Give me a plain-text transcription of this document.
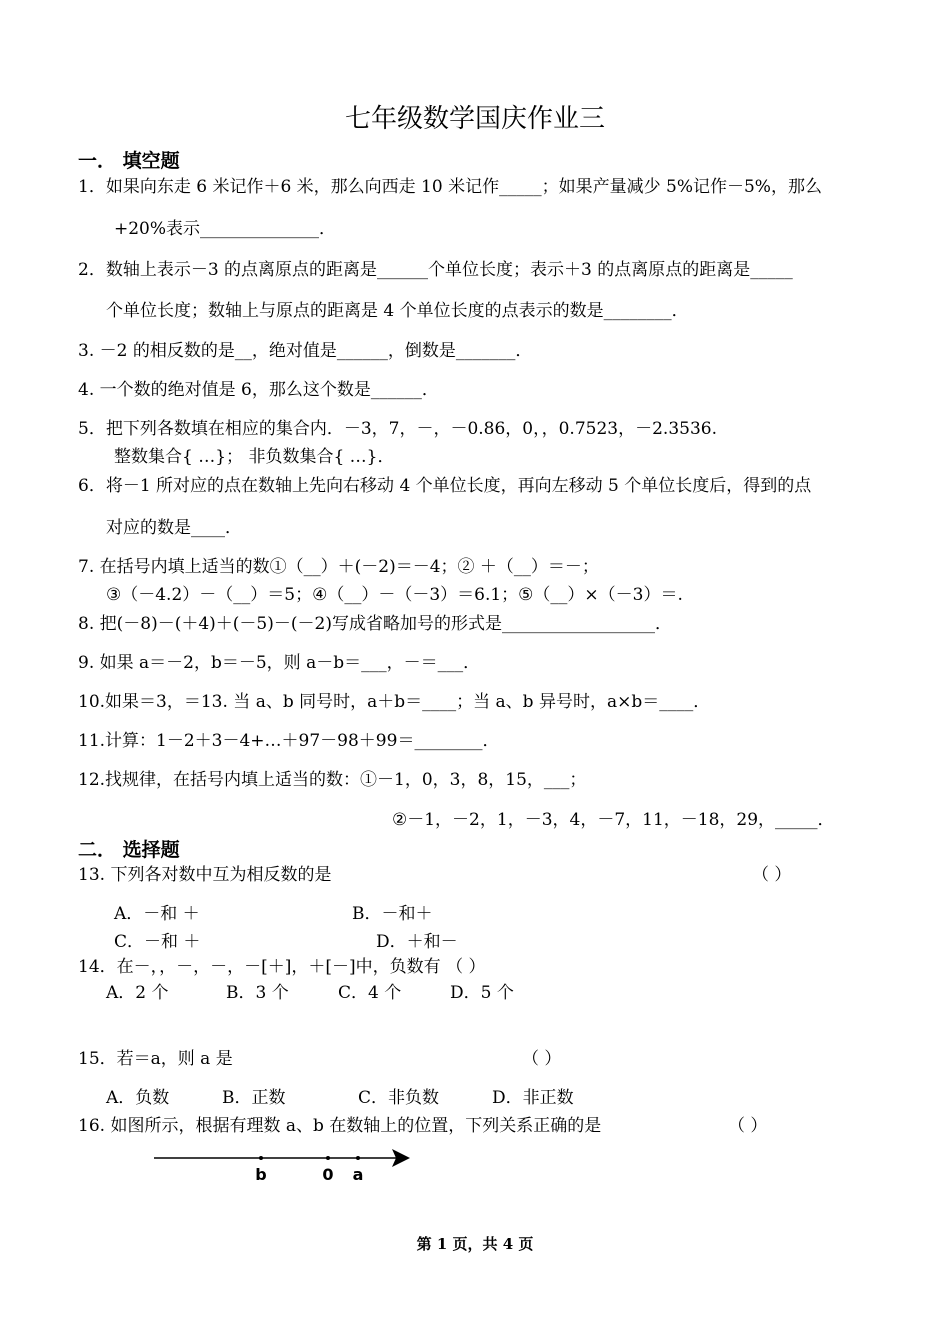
七年级数学国庆作业三
一． 填空题
1．如果向东走 6 米记作＋6 米，那么向西走 10 米记作_____；如果产量减少 5%记作－5%，那么
+20%表示______________．
2．数轴上表示－3 的点离原点的距离是______个单位长度；表示＋3 的点离原点的距离是_____
个单位长度；数轴上与原点的距离是 4 个单位长度的点表示的数是________．
3. －2 的相反数的是__，绝对值是______，倒数是_______．
4. 一个数的绝对值是 6，那么这个数是______．
5．把下列各数填在相应的集合内．－3，7，－，－0.86，0，，0.7523，－2.3536.
整数集合{ …}； 非负数集合{ …}．
6．将－1 所对应的点在数轴上先向右移动 4 个单位长度，再向左移动 5 个单位长度后，得到的点
对应的数是____．
7. 在括号内填上适当的数①（__）＋(－2)＝－4；② ＋（__）＝－；
③（－4.2）－（__）＝5；④（__）－（－3）＝6.1；⑤（__）×（－3）＝.
8. 把(－8)－(＋4)＋(－5)－(－2)写成省略加号的形式是__________________．
9. 如果 a＝－2，b＝－5，则 a－b＝___，－＝___．
10.如果＝3，＝13. 当 a、b 同号时，a＋b＝____；当 a、b 异号时，a×b＝____．
11.计算：1－2＋3－4+…＋97－98＋99＝________．
12.找规律，在括号内填上适当的数：①－1，0，3，8，15，___；
②－1，－2，1，－3，4，－7，11，－18，29，_____．
二． 选择题
13. 下列各对数中互为相反数的是	（ ）
A．－和 ＋	B．－和＋
C．－和 ＋	D．＋和－
14．在－，，－，－，－[＋]，＋[－]中，负数有 （ ）
A．2 个	B．3 个	C．4 个	D．5 个
15．若＝a，则 a 是	（ ）
A．负数	B．正数	C．非负数	D．非正数
16. 如图所示，根据有理数 a、b 在数轴上的位置，下列关系正确的是	（ ）
b	0 a
第 1 页，共 4 页
